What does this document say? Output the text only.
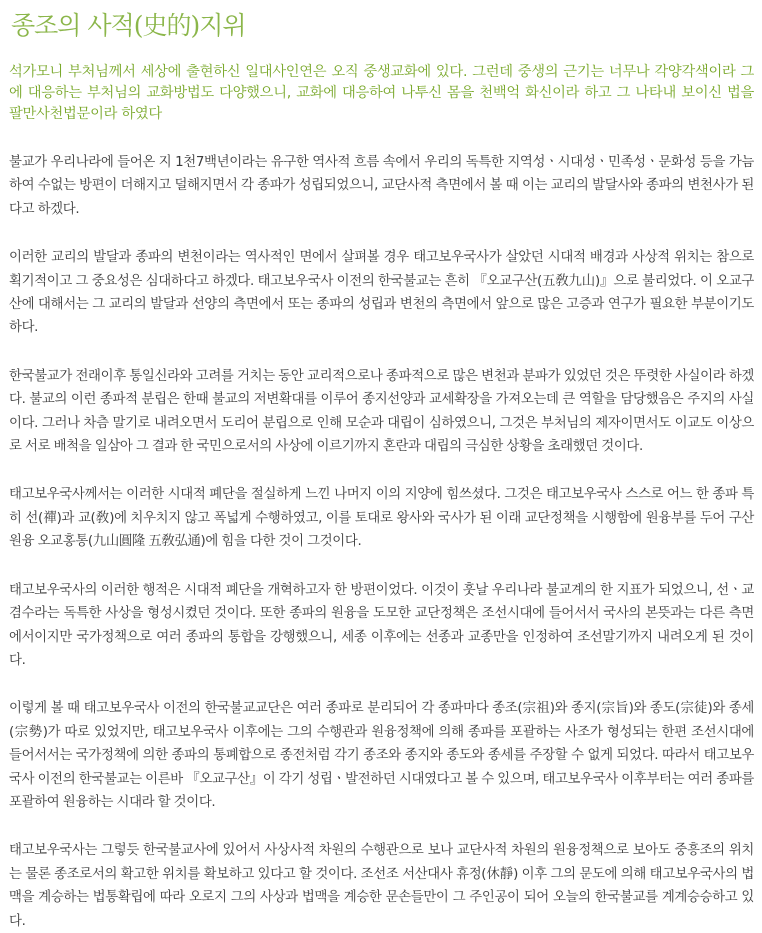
종조의 사적(史的)지위

석가모니 부처님께서 세상에 출현하신 일대사인연은 오직 중생교화에 있다. 그런데 중생의 근기는 너무나 각양각색이라 그에 대응하는 부처님의 교화방법도 다양했으니, 교화에 대응하여 나투신 몸을 천백억 화신이라 하고 그 나타내 보이신 법을 팔만사천법문이라 하였다

불교가 우리나라에 들어온 지 1천7백년이라는 유구한 역사적 흐름 속에서 우리의 독특한 지역성ㆍ시대성ㆍ민족성ㆍ문화성 등을 가늠하여 수없는 방편이 더해지고 덜해지면서 각 종파가 성립되었으니, 교단사적 측면에서 볼 때 이는 교리의 발달사와 종파의 변천사가 된다고 하겠다.

이러한 교리의 발달과 종파의 변천이라는 역사적인 면에서 살펴볼 경우 태고보우국사가 살았던 시대적 배경과 사상적 위치는 참으로 획기적이고 그 중요성은 심대하다고 하겠다. 태고보우국사 이전의 한국불교는 흔히 『오교구산(五敎九山)』으로 불리었다. 이 오교구산에 대해서는 그 교리의 발달과 선양의 측면에서 또는 종파의 성립과 변천의 측면에서 앞으로 많은 고증과 연구가 필요한 부분이기도 하다.

한국불교가 전래이후 통일신라와 고려를 거치는 동안 교리적으로나 종파적으로 많은 변천과 분파가 있었던 것은 뚜렷한 사실이라 하겠다. 불교의 이런 종파적 분립은 한때 불교의 저변확대를 이루어 종지선양과 교세확장을 가져오는데 큰 역할을 담당했음은 주지의 사실이다. 그러나 차츰 말기로 내려오면서 도리어 분립으로 인해 모순과 대립이 심하였으니, 그것은 부처님의 제자이면서도 이교도 이상으로 서로 배척을 일삼아 그 결과 한 국민으로서의 사상에 이르기까지 혼란과 대립의 극심한 상황을 초래했던 것이다.

태고보우국사께서는 이러한 시대적 폐단을 절실하게 느낀 나머지 이의 지양에 힘쓰셨다. 그것은 태고보우국사 스스로 어느 한 종파 특히 선(禪)과 교(敎)에 치우치지 않고 폭넓게 수행하였고, 이를 토대로 왕사와 국사가 된 이래 교단정책을 시행함에 원융부를 두어 구산원융 오교홍통(九山圓隆 五敎弘通)에 힘을 다한 것이 그것이다.

태고보우국사의 이러한 행적은 시대적 폐단을 개혁하고자 한 방편이었다. 이것이 훗날 우리나라 불교계의 한 지표가 되었으니, 선ㆍ교 겸수라는 독특한 사상을 형성시켰던 것이다. 또한 종파의 원융을 도모한 교단정책은 조선시대에 들어서서 국사의 본뜻과는 다른 측면에서이지만 국가정책으로 여러 종파의 통합을 강행했으니, 세종 이후에는 선종과 교종만을 인정하여 조선말기까지 내려오게 된 것이다.

이렇게 볼 때 태고보우국사 이전의 한국불교교단은 여러 종파로 분리되어 각 종파마다 종조(宗祖)와 종지(宗旨)와 종도(宗徒)와 종세(宗勢)가 따로 있었지만, 태고보우국사 이후에는 그의 수행관과 원융정책에 의해 종파를 포괄하는 사조가 형성되는 한편 조선시대에 들어서서는 국가정책에 의한 종파의 통폐합으로 종전처럼 각기 종조와 종지와 종도와 종세를 주장할 수 없게 되었다. 따라서 태고보우국사 이전의 한국불교는 이른바 『오교구산』이 각기 성립ㆍ발전하던 시대였다고 볼 수 있으며, 태고보우국사 이후부터는 여러 종파를 포괄하여 원융하는 시대라 할 것이다.

태고보우국사는 그렇듯 한국불교사에 있어서 사상사적 차원의 수행관으로 보나 교단사적 차원의 원융정책으로 보아도 중흥조의 위치는 물론 종조로서의 확고한 위치를 확보하고 있다고 할 것이다. 조선조 서산대사 휴정(休靜) 이후 그의 문도에 의해 태고보우국사의 법맥을 계승하는 법통확립에 따라 오로지 그의 사상과 법맥을 계승한 문손들만이 그 주인공이 되어 오늘의 한국불교를 계계승승하고 있다.
